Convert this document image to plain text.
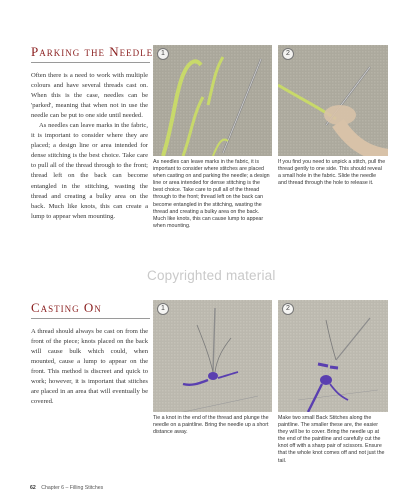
Parking the Needle

Often there is a need to work with multiple colours and have several threads cast on. When this is the case, needles can be 'parked', meaning that when not in use the needle can be put to one side until needed.

As needles can leave marks in the fabric, it is important to consider where they are placed; a design line or area intended for dense stitching is the best choice. Take care to pull all of the thread through to the front; thread left on the back can become entangled in the stitching, wasting the thread and creating a bulky area on the back. Much like knots, this can create a lump to appear when mounting.

1
As needles can leave marks in the fabric, it is important to consider where stitches are placed when casting on and parking the needle; a design line or area intended for dense stitching is the best choice. Take care to pull all of the thread through to the front; thread left on the back can become entangled in the stitching, wasting the thread and creating a bulky area on the back. Much like knots, this can cause lump to appear when mounting.
2
If you find you need to unpick a stitch, pull the thread gently to one side. This should reveal a small hole in the fabric. Slide the needle and thread through the hole to release it.
Copyrighted material
Casting On

A thread should always be cast on from the front of the piece; knots placed on the back will cause bulk which could, when mounted, cause a lump to appear on the front. This method is discreet and quick to work; however, it is important that stitches are placed in an area that will eventually be covered.

1
Tie a knot in the end of the thread and plunge the needle on a paintline. Bring the needle up a short distance away.
2
Make two small Back Stitches along the paintline. The smaller these are, the easier they will be to cover. Bring the needle up at the end of the paintline and carefully cut the knot off with a sharp pair of scissors. Ensure that the whole knot comes off and not just the tail.
62 Chapter 6 – Filling Stitches
